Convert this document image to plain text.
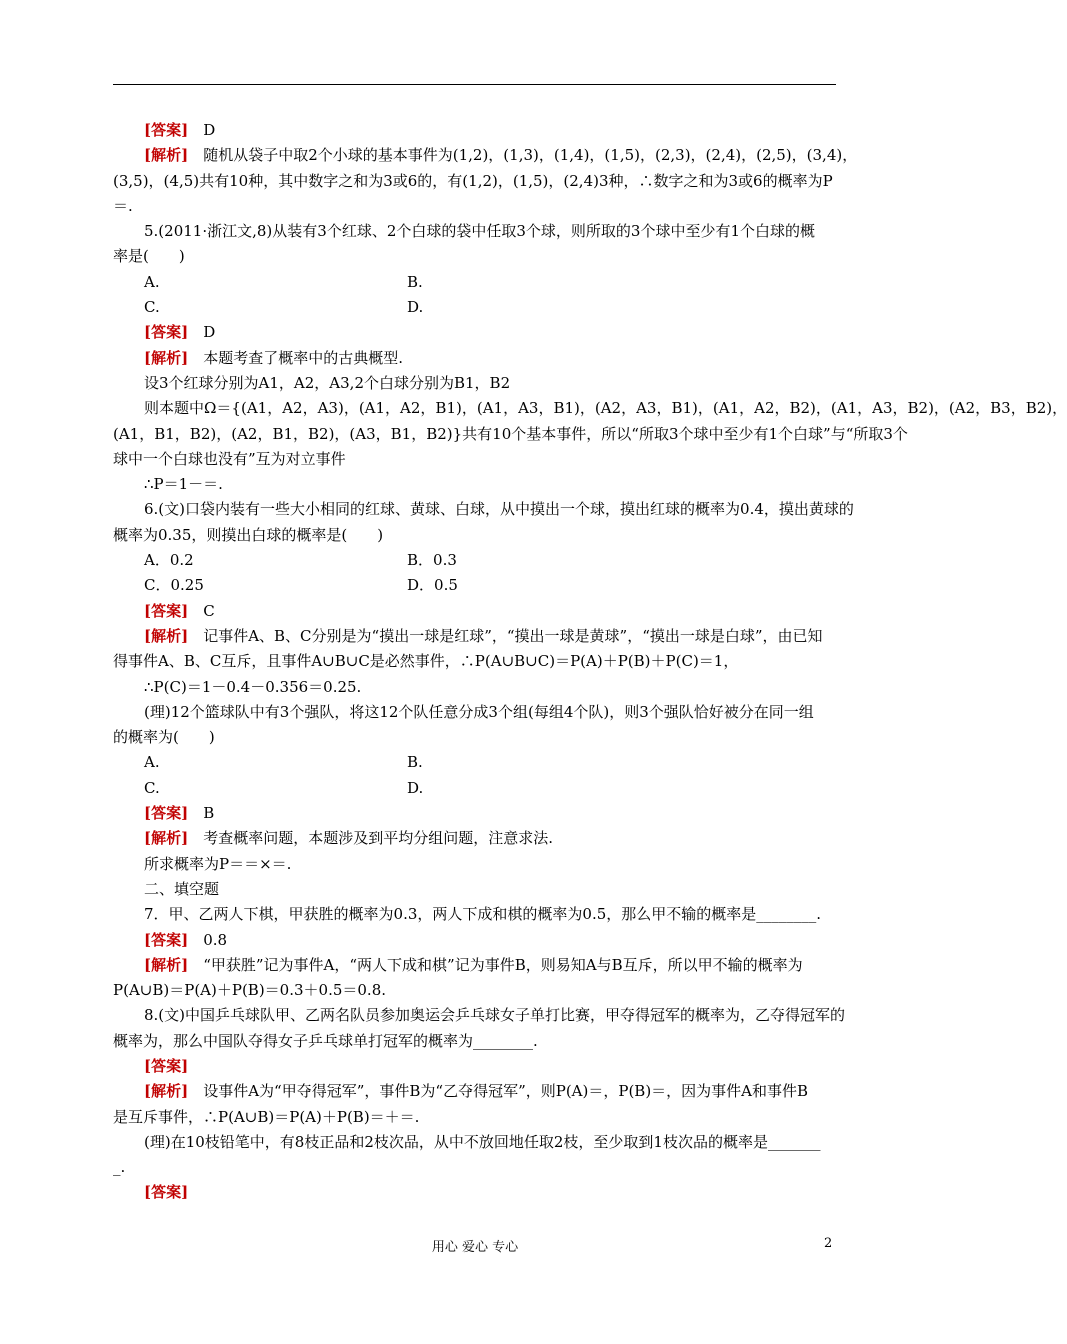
[答案]　D
[解析]　随机从袋子中取2个小球的基本事件为(1,2)，(1,3)，(1,4)，(1,5)，(2,3)，(2,4)，(2,5)，(3,4)，
(3,5)，(4,5)共有10种，其中数字之和为3或6的，有(1,2)，(1,5)，(2,4)3种，∴数字之和为3或6的概率为P
＝.
5.(2011·浙江文,8)从装有3个红球、2个白球的袋中任取3个球，则所取的3个球中至少有1个白球的概
率是(　　)
A.	B.
C.	D.
[答案]　D
[解析]　本题考查了概率中的古典概型.
设3个红球分别为A1，A2，A3,2个白球分别为B1，B2
则本题中Ω＝{(A1，A2，A3)，(A1，A2，B1)，(A1，A3，B1)，(A2，A3，B1)，(A1，A2，B2)，(A1，A3，B2)，(A2，B3，B2)，
(A1，B1，B2)，(A2，B1，B2)，(A3，B1，B2)}共有10个基本事件，所以“所取3个球中至少有1个白球”与“所取3个
球中一个白球也没有”互为对立事件
∴P＝1－＝.
6.(文)口袋内装有一些大小相同的红球、黄球、白球，从中摸出一个球，摸出红球的概率为0.4，摸出黄球的
概率为0.35，则摸出白球的概率是(　　)
A．0.2	B．0.3
C．0.25	D．0.5
[答案]　C
[解析]　记事件A、B、C分别是为“摸出一球是红球”，“摸出一球是黄球”，“摸出一球是白球”，由已知
得事件A、B、C互斥，且事件A∪B∪C是必然事件，∴P(A∪B∪C)＝P(A)＋P(B)＋P(C)＝1，
∴P(C)＝1－0.4－0.356＝0.25.
(理)12个篮球队中有3个强队，将这12个队任意分成3个组(每组4个队)，则3个强队恰好被分在同一组
的概率为(　　)
A.	B.
C.	D.
[答案]　B
[解析]　考查概率问题，本题涉及到平均分组问题，注意求法.
所求概率为P＝＝×＝.
二、填空题
7．甲、乙两人下棋，甲获胜的概率为0.3，两人下成和棋的概率为0.5，那么甲不输的概率是________.
[答案]　0.8
[解析]　“甲获胜”记为事件A，“两人下成和棋”记为事件B，则易知A与B互斥，所以甲不输的概率为
P(A∪B)＝P(A)＋P(B)＝0.3＋0.5＝0.8.
8.(文)中国乒乓球队甲、乙两名队员参加奥运会乒乓球女子单打比赛，甲夺得冠军的概率为，乙夺得冠军的
概率为，那么中国队夺得女子乒乓球单打冠军的概率为________.
[答案]
[解析]　设事件A为“甲夺得冠军”，事件B为“乙夺得冠军”，则P(A)＝，P(B)＝，因为事件A和事件B
是互斥事件，∴P(A∪B)＝P(A)＋P(B)＝＋＝.
(理)在10枝铅笔中，有8枝正品和2枝次品，从中不放回地任取2枝，至少取到1枝次品的概率是_______
_.
[答案]
用心 爱心 专心	2
